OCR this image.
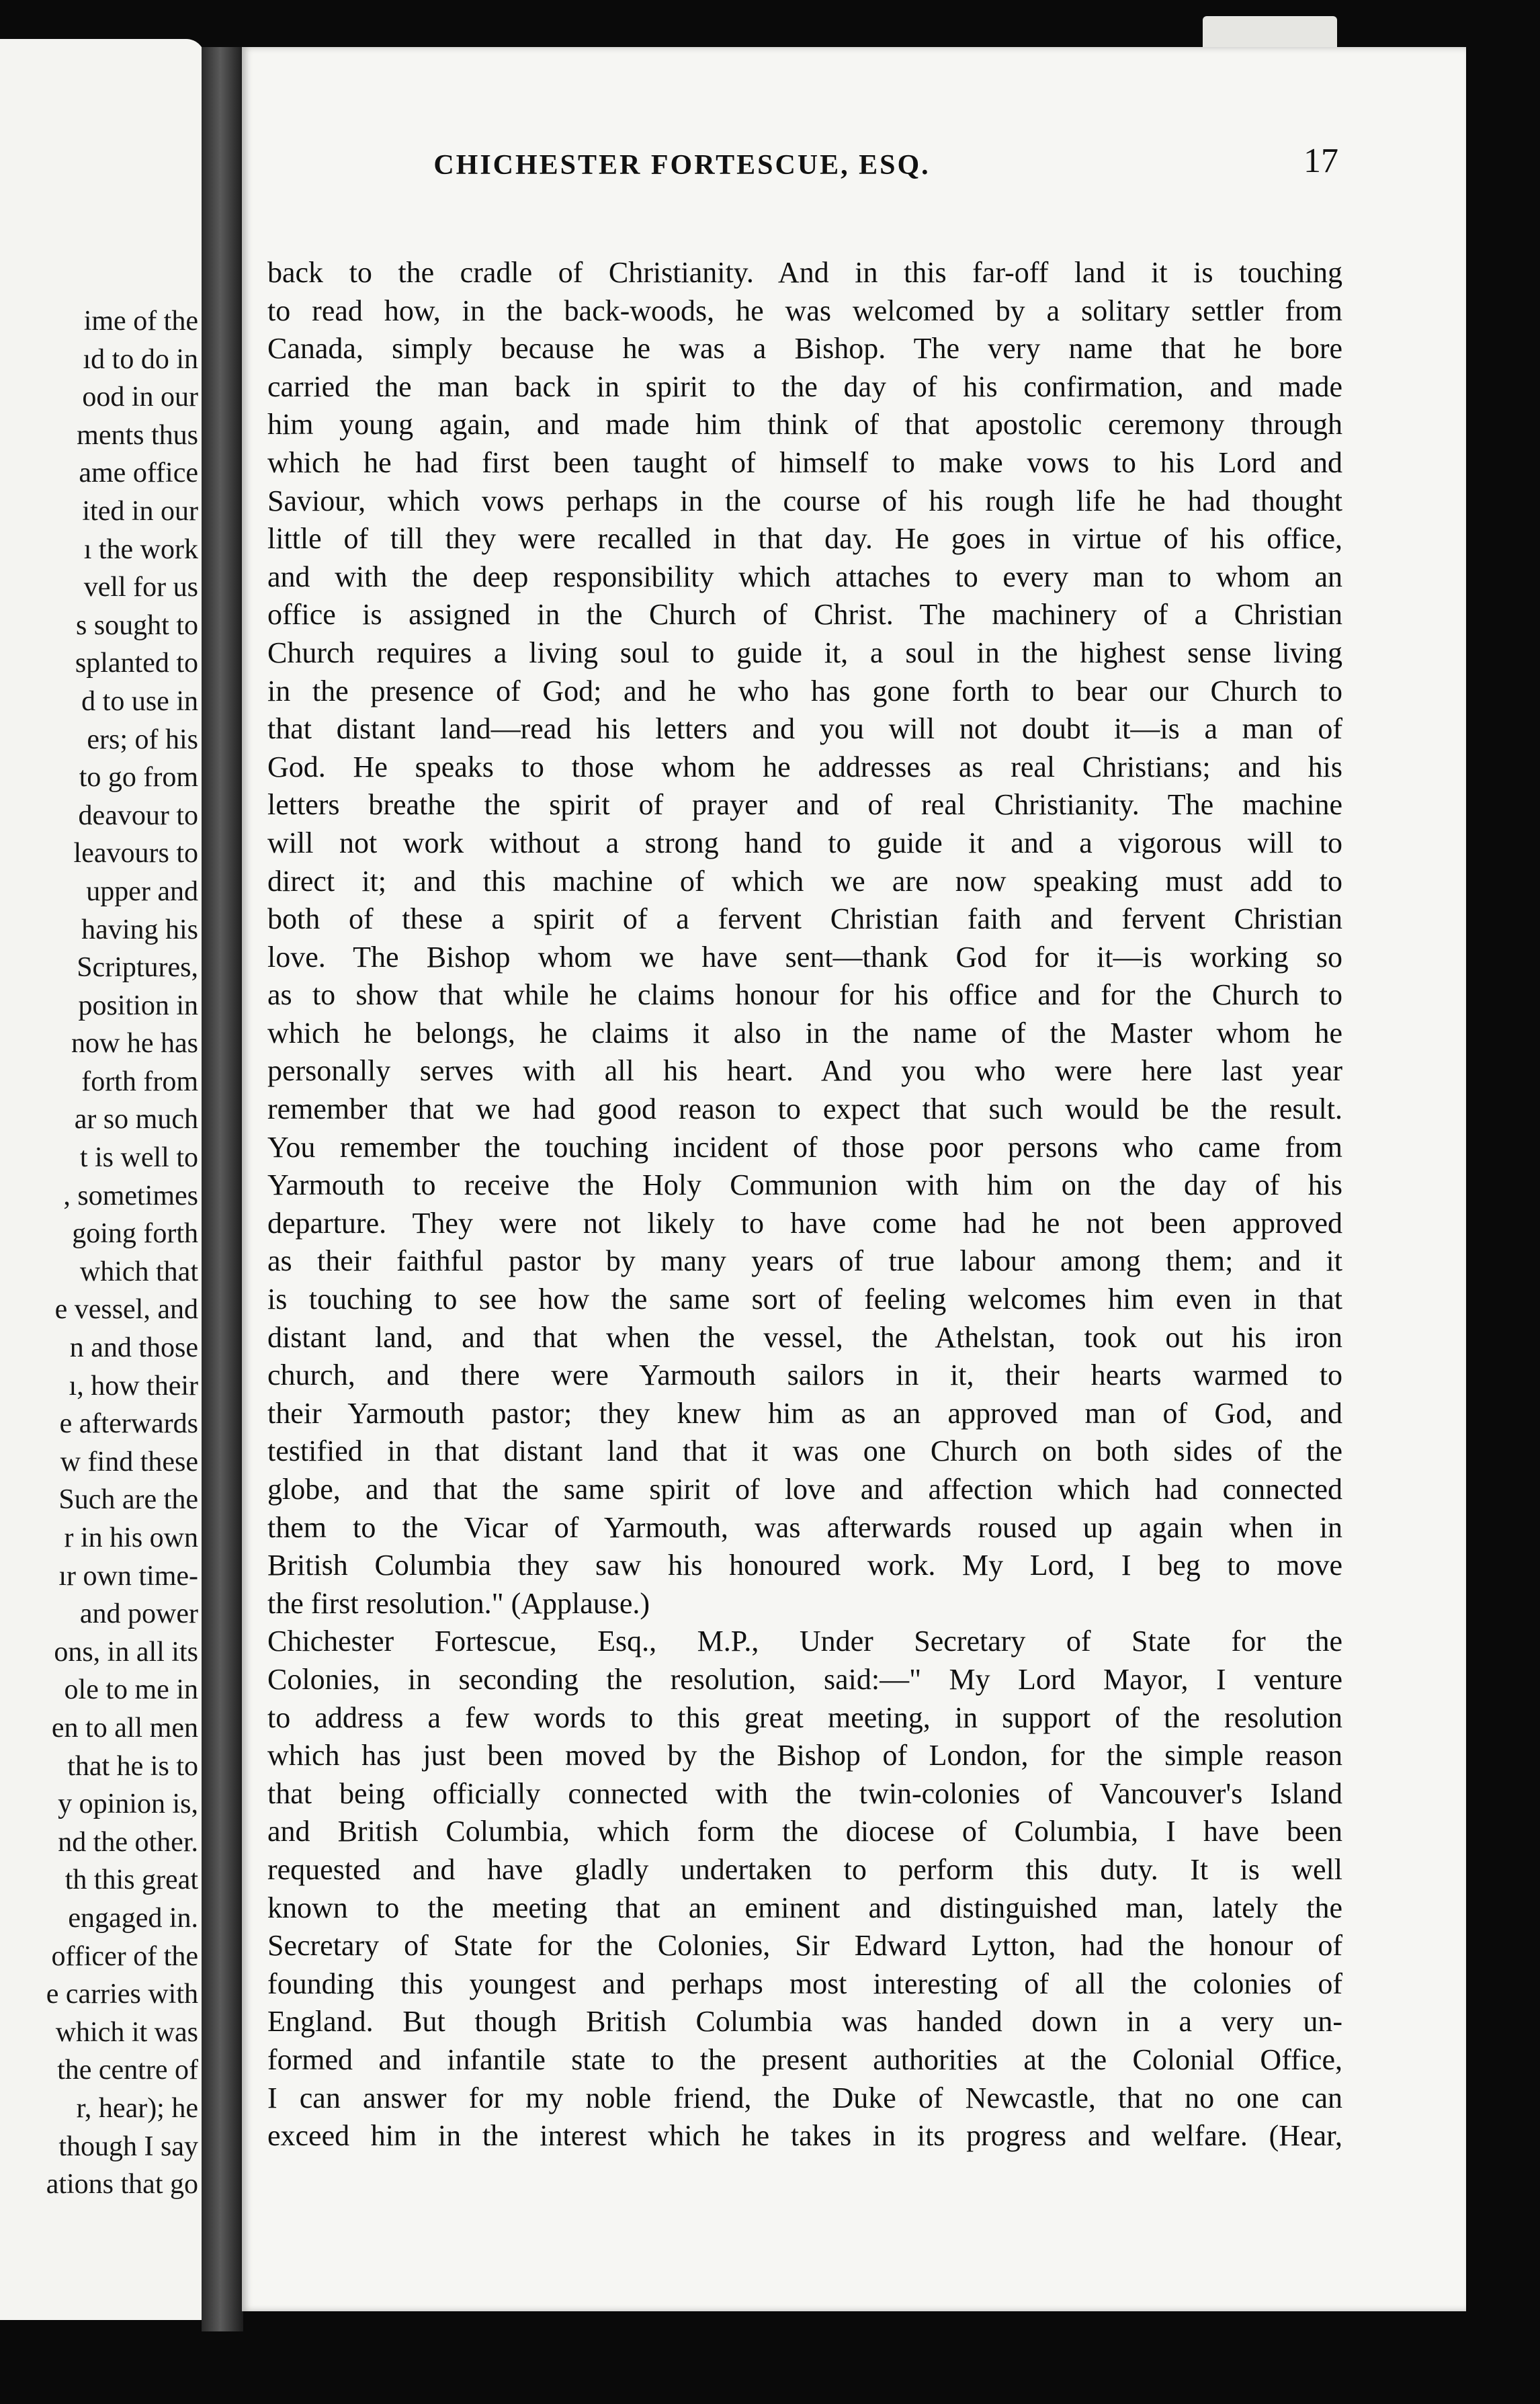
ime of the
ıd to do in
ood in our
ments thus
ame office
ited in our
ı the work
vell for us
s sought to
splanted to
d to use in
ers; of his
to go from
deavour to
leavours to
upper and
having his
Scriptures,
position in
now he has
forth from
ar so much
t is well to
, sometimes
going forth
which that
e vessel, and
n and those
ı, how their
e afterwards
w find these
Such are the
r in his own
ır own time-
and power
ons, in all its
ole to me in
en to all men
that he is to
y opinion is,
nd the other.
th this great
engaged in.
officer of the
e carries with
which it was
the centre of
r, hear); he
though I say
ations that go
CHICHESTER FORTESCUE, ESQ.	17
back to the cradle of Christianity. And in this far-off land it is touching
to read how, in the back-woods, he was welcomed by a solitary settler from
Canada, simply because he was a Bishop. The very name that he bore
carried the man back in spirit to the day of his confirmation, and made
him young again, and made him think of that apostolic ceremony through
which he had first been taught of himself to make vows to his Lord and
Saviour, which vows perhaps in the course of his rough life he had thought
little of till they were recalled in that day. He goes in virtue of his office,
and with the deep responsibility which attaches to every man to whom an
office is assigned in the Church of Christ. The machinery of a Christian
Church requires a living soul to guide it, a soul in the highest sense living
in the presence of God; and he who has gone forth to bear our Church to
that distant land—read his letters and you will not doubt it—is a man of
God. He speaks to those whom he addresses as real Christians; and his
letters breathe the spirit of prayer and of real Christianity. The machine
will not work without a strong hand to guide it and a vigorous will to
direct it; and this machine of which we are now speaking must add to
both of these a spirit of a fervent Christian faith and fervent Christian
love. The Bishop whom we have sent—thank God for it—is working so
as to show that while he claims honour for his office and for the Church to
which he belongs, he claims it also in the name of the Master whom he
personally serves with all his heart. And you who were here last year
remember that we had good reason to expect that such would be the result.
You remember the touching incident of those poor persons who came from
Yarmouth to receive the Holy Communion with him on the day of his
departure. They were not likely to have come had he not been approved
as their faithful pastor by many years of true labour among them; and it
is touching to see how the same sort of feeling welcomes him even in that
distant land, and that when the vessel, the Athelstan, took out his iron
church, and there were Yarmouth sailors in it, their hearts warmed to
their Yarmouth pastor; they knew him as an approved man of God, and
testified in that distant land that it was one Church on both sides of the
globe, and that the same spirit of love and affection which had connected
them to the Vicar of Yarmouth, was afterwards roused up again when in
British Columbia they saw his honoured work. My Lord, I beg to move
the first resolution." (Applause.)
Chichester Fortescue, Esq., M.P., Under Secretary of State for the
Colonies, in seconding the resolution, said:—" My Lord Mayor, I venture
to address a few words to this great meeting, in support of the resolution
which has just been moved by the Bishop of London, for the simple reason
that being officially connected with the twin-colonies of Vancouver's Island
and British Columbia, which form the diocese of Columbia, I have been
requested and have gladly undertaken to perform this duty. It is well
known to the meeting that an eminent and distinguished man, lately the
Secretary of State for the Colonies, Sir Edward Lytton, had the honour of
founding this youngest and perhaps most interesting of all the colonies of
England. But though British Columbia was handed down in a very un-
formed and infantile state to the present authorities at the Colonial Office,
I can answer for my noble friend, the Duke of Newcastle, that no one can
exceed him in the interest which he takes in its progress and welfare. (Hear,
